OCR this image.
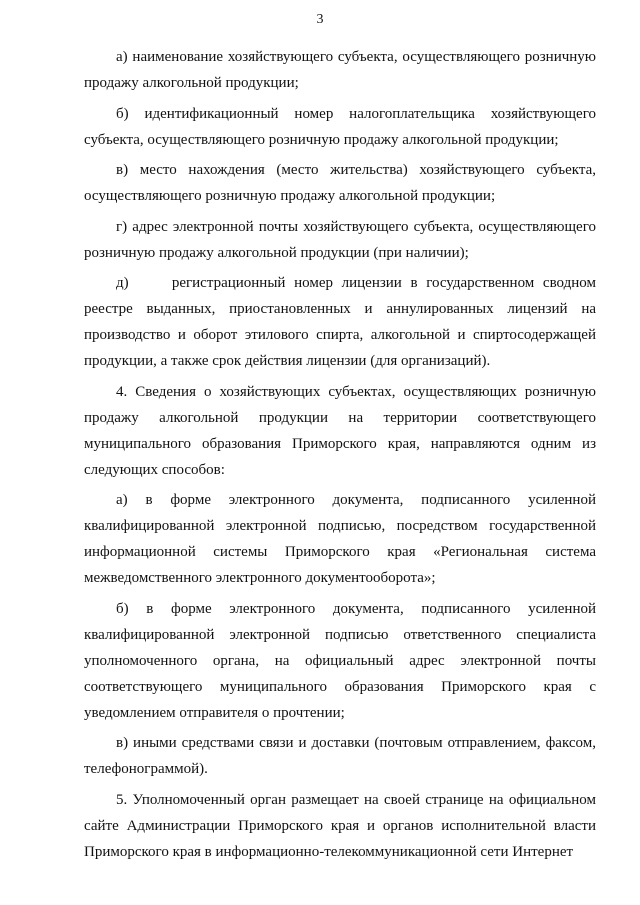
3

а) наименование хозяйствующего субъекта, осуществляющего розничную продажу алкогольной продукции;

б) идентификационный номер налогоплательщика хозяйствующего субъекта, осуществляющего розничную продажу алкогольной продукции;

в) место нахождения (место жительства) хозяйствующего субъекта, осуществляющего розничную продажу алкогольной продукции;

г) адрес электронной почты хозяйствующего субъекта, осуществляющего розничную продажу алкогольной продукции (при наличии);

д)     регистрационный номер лицензии в государственном сводном реестре выданных, приостановленных и аннулированных лицензий на производство и оборот этилового спирта, алкогольной и спиртосодержащей продукции, а также срок действия лицензии (для организаций).

4. Сведения о хозяйствующих субъектах, осуществляющих розничную продажу алкогольной продукции на территории соответствующего муниципального образования Приморского края, направляются одним из следующих способов:

а) в форме электронного документа, подписанного усиленной квалифицированной электронной подписью, посредством государственной информационной системы Приморского края «Региональная система межведомственного электронного документооборота»;

б) в форме электронного документа, подписанного усиленной квалифицированной электронной подписью ответственного специалиста уполномоченного органа, на официальный адрес электронной почты соответствующего муниципального образования Приморского края с уведомлением отправителя о прочтении;

в) иными средствами связи и доставки (почтовым отправлением, факсом, телефонограммой).

5. Уполномоченный орган размещает на своей странице на официальном сайте Администрации Приморского края и органов исполнительной власти Приморского края в информационно-телекоммуникационной сети Интернет
